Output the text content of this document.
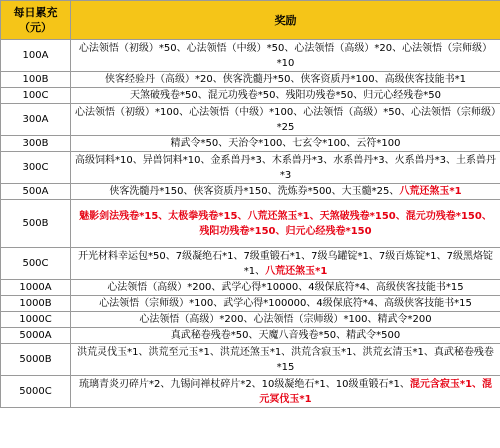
每日累充
（元）	奖励
100A	心法领悟（初级）*50、心法领悟（中级）*50、心法领悟（高级）*20、心法领悟（宗师级）*10
100B	侠客经验丹（高级）*20、侠客洗髓丹*50、侠客资质丹*100、高级侠客技能书*1
100C	天煞破残卷*50、混元功残卷*50、残阳功残卷*50、归元心经残卷*50
300A	心法领悟（初级）*100、心法领悟（中级）*100、心法领悟（高级）*50、心法领悟（宗师级）*25
300B	精武令*50、天治令*100、七玄令*100、云符*100
300C	高级饲料*10、异兽饲料*10、金系兽丹*3、木系兽丹*3、水系兽丹*3、火系兽丹*3、土系兽丹*3
500A	侠客洗髓丹*150、侠客资质丹*150、洗炼券*500、大玉髓*25、八荒还煞玉*1
500B	魅影剑法残卷*15、太极拳残卷*15、八荒还煞玉*1、天煞破残卷*150、混元功残卷*150、残阳功残卷*150、归元心经残卷*150
500C	开光材料幸运包*50、7级凝绝石*1、7级重锻石*1、7级乌罐锭*1、7级百炼锭*1、7级黑烙锭*1、八荒还煞玉*1
1000A	心法领悟（高级）*200、武学心得*10000、4级保底符*4、高级侠客技能书*15
1000B	心法领悟（宗师级）*100、武学心得*100000、4级保底符*4、高级侠客技能书*15
1000C	心法领悟（高级）*200、心法领悟（宗师级）*100、精武令*200
5000A	真武秘卷残卷*50、天魔八音残卷*50、精武令*500
5000B	洪荒灵伐玉*1、洪荒至元玉*1、洪荒还煞玉*1、洪荒含寂玉*1、洪荒玄清玉*1、真武秘卷残卷*15
5000C	琉璃青炎刃碎片*2、九锡问禅杖碎片*2、10级凝绝石*1、10级重锻石*1、混元含寂玉*1、混元冥伐玉*1
